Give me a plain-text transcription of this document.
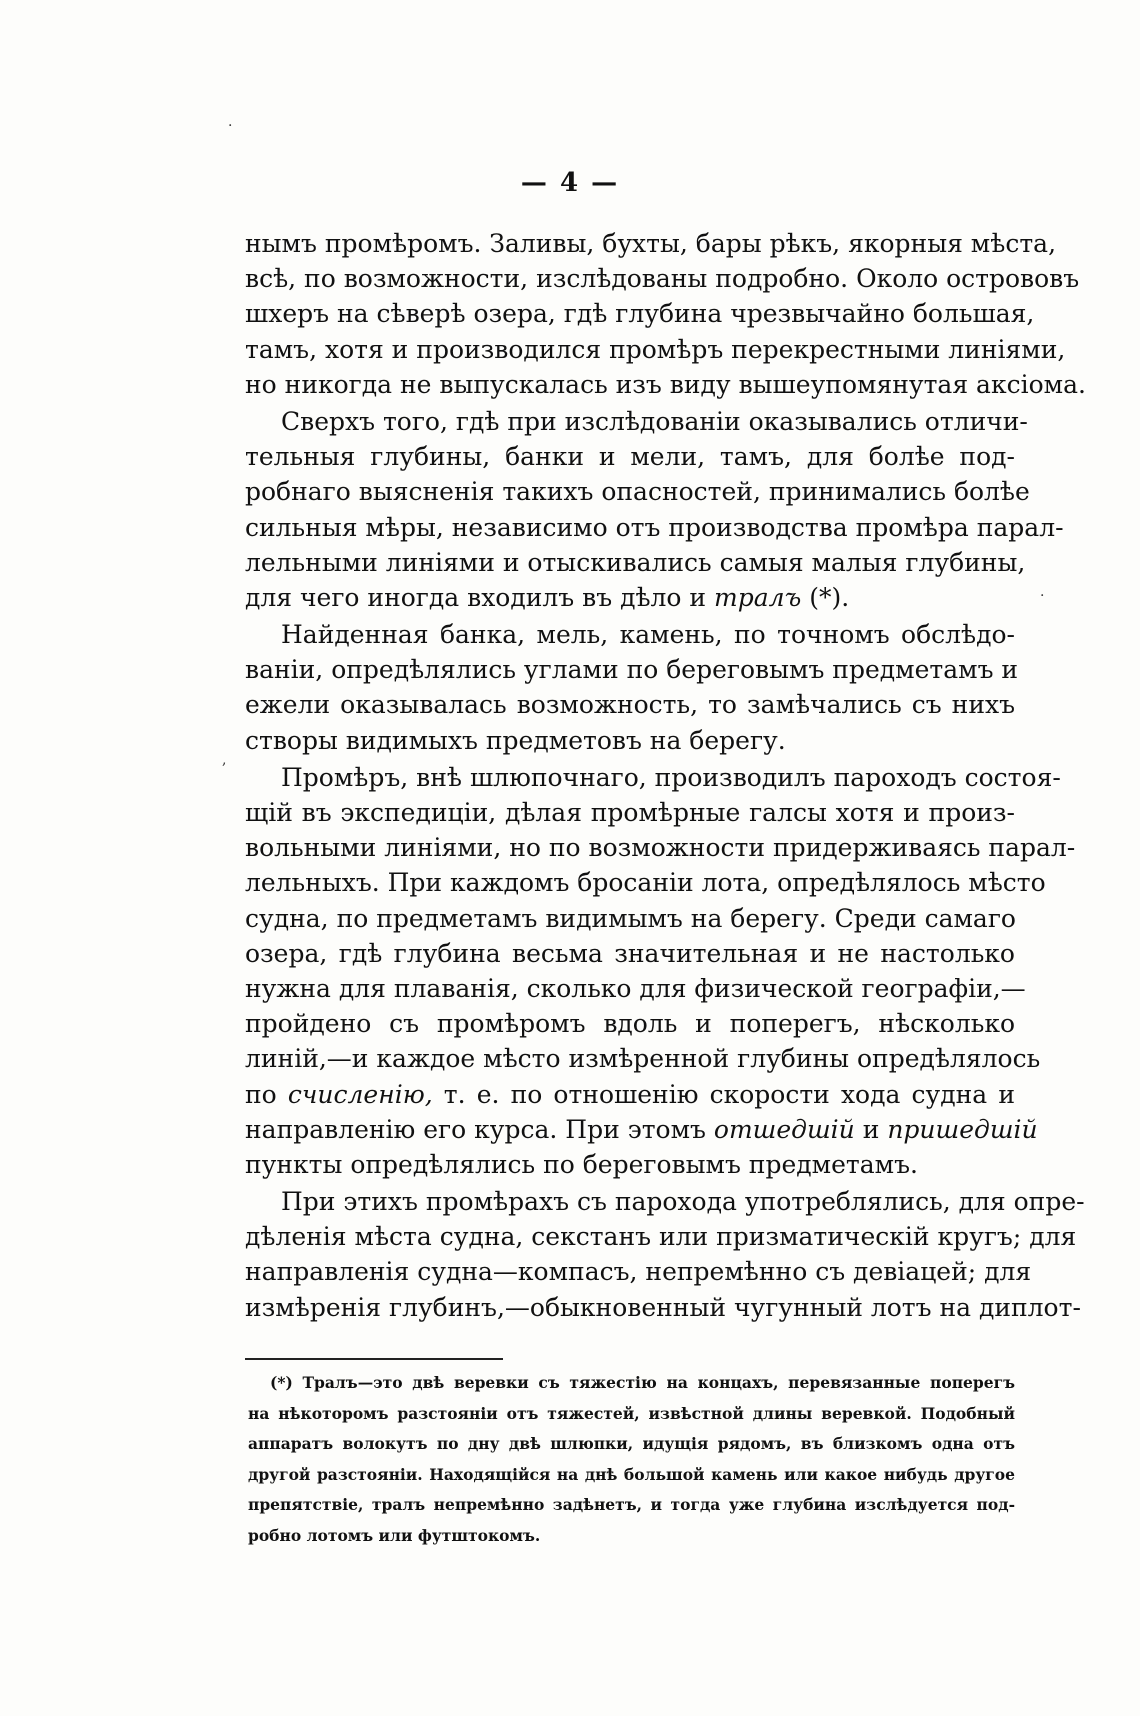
— 4 —
нымъ промѣромъ. Заливы, бухты, бары рѣкъ, якорныя мѣста,
всѣ, по возможности, изслѣдованы подробно. Около острововъ
шхеръ на сѣверѣ озера, гдѣ глубина чрезвычайно большая,
тамъ, хотя и производился промѣръ перекрестными линіями,
но никогда не выпускалась изъ виду вышеупомянутая аксіома.
Сверхъ того, гдѣ при изслѣдованіи оказывались отличи-
тельныя глубины, банки и мели, тамъ, для болѣе под-
робнаго выясненія такихъ опасностей, принимались болѣе
сильныя мѣры, независимо отъ производства промѣра парал-
лельными линіями и отыскивались самыя малыя глубины,
для чего иногда входилъ въ дѣло и тралъ (*).
Найденная банка, мель, камень, по точномъ обслѣдо-
ваніи, опредѣлялись углами по береговымъ предметамъ и
ежели оказывалась возможность, то замѣчались съ нихъ
створы видимыхъ предметовъ на берегу.
Промѣръ, внѣ шлюпочнаго, производилъ пароходъ состоя-
щій въ экспедиціи, дѣлая промѣрные галсы хотя и произ-
вольными линіями, но по возможности придерживаясь парал-
лельныхъ. При каждомъ бросаніи лота, опредѣлялось мѣсто
судна, по предметамъ видимымъ на берегу. Среди самаго
озера, гдѣ глубина весьма значительная и не настолько
нужна для плаванія, сколько для физической географіи,—
пройдено съ промѣромъ вдоль и поперегъ, нѣсколько
линій,—и каждое мѣсто измѣренной глубины опредѣлялось
по счисленію, т. е. по отношенію скорости хода судна и
направленію его курса. При этомъ отшедшій и пришедшій
пункты опредѣлялись по береговымъ предметамъ.
При этихъ промѣрахъ съ парохода употреблялись, для опре-
дѣленія мѣста судна, секстанъ или призматическій кругъ; для
направленія судна—компасъ, непремѣнно съ девіацей; для
измѣренія глубинъ,—обыкновенный чугунный лотъ на диплот-
(*) Тралъ—это двѣ веревки съ тяжестію на концахъ, перевязанные поперегъ
на нѣкоторомъ разстояніи отъ тяжестей, извѣстной длины веревкой. Подобный
аппаратъ волокутъ по дну двѣ шлюпки, идущія рядомъ, въ близкомъ одна отъ
другой разстояніи. Находящійся на днѣ большой камень или какое нибудь другое
препятствіе, тралъ непремѣнно задѣнетъ, и тогда уже глубина изслѣдуется под-
робно лотомъ или футштокомъ.
·
·
,
